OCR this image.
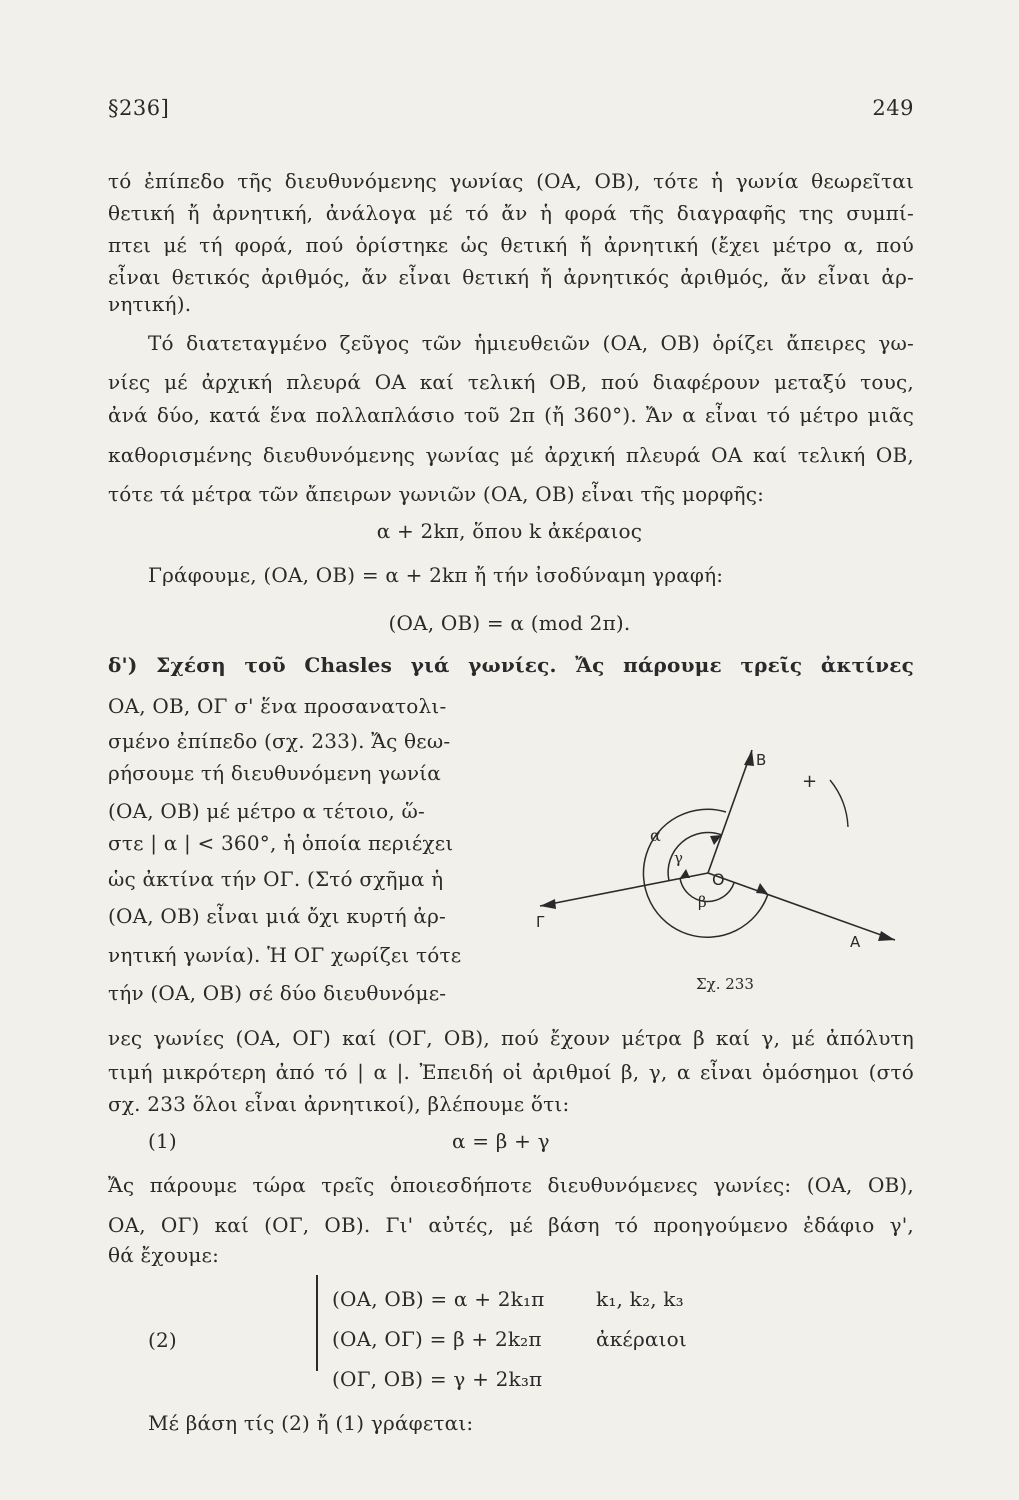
§236]	249
τό ἐπίπεδο τῆς διευθυνόμενης γωνίας (OA, OB), τότε ἡ γωνία θεωρεῖται
θετική ἤ ἀρνητική, ἀνάλογα μέ τό ἄν ἡ φορά τῆς διαγραφῆς της συμπί-
πτει μέ τή φορά, πού ὁρίστηκε ὡς θετική ἤ ἀρνητική (ἔχει μέτρο α, πού
εἶναι θετικός ἀριθμός, ἄν εἶναι θετική ἤ ἀρνητικός ἀριθμός, ἄν εἶναι ἀρ-
νητική).
Τό διατεταγμένο ζεῦγος τῶν ἡμιευθειῶν (OA, OB) ὁρίζει ἄπειρες γω-
νίες μέ ἀρχική πλευρά OA καί τελική OB, πού διαφέρουν μεταξύ τους,
ἀνά δύο, κατά ἕνα πολλαπλάσιο τοῦ 2π (ἤ 360°). Ἄν α εἶναι τό μέτρο μιᾶς
καθορισμένης διευθυνόμενης γωνίας μέ ἀρχική πλευρά OA καί τελική OB,
τότε τά μέτρα τῶν ἄπειρων γωνιῶν (OA, OB) εἶναι τῆς μορφῆς:
α + 2kπ, ὅπου k ἀκέραιος
Γράφουμε, (OA, OB) = α + 2kπ ἤ τήν ἰσοδύναμη γραφή:
(OA, OB) = α (mod 2π).
δ') Σχέση τοῦ Chasles γιά γωνίες. Ἄς πάρουμε τρεῖς ἀκτίνες
OA, OB, OΓ σ' ἕνα προσανατολι-
σμένο ἐπίπεδο (σχ. 233). Ἄς θεω-
ρήσουμε τή διευθυνόμενη γωνία
(OA, OB) μέ μέτρο α τέτοιο, ὥ-
στε | α | < 360°, ἡ ὁποία περιέχει
ὡς ἀκτίνα τήν OΓ. (Στό σχῆμα ἡ
(OA, OB) εἶναι μιά ὄχι κυρτή ἀρ-
νητική γωνία). Ἡ OΓ χωρίζει τότε
τήν (OA, OB) σέ δύο διευθυνόμε-
νες γωνίες (OA, OΓ) καί (OΓ, OB), πού ἔχουν μέτρα β καί γ, μέ ἀπόλυτη
τιμή μικρότερη ἀπό τό | α |. Ἐπειδή οἱ ἀριθμοί β, γ, α εἶναι ὁμόσημοι (στό
σχ. 233 ὅλοι εἶναι ἀρνητικοί), βλέπουμε ὅτι:
(1)	α = β + γ
Ἄς πάρουμε τώρα τρεῖς ὁποιεσδήποτε διευθυνόμενες γωνίες: (OA, OB),
OA, OΓ) καί (OΓ, OB). Γι' αὐτές, μέ βάση τό προηγούμενο ἐδάφιο γ',
θά ἔχουμε:
(2)
(OA, OB) = α + 2k₁π
(OA, OΓ) = β + 2k₂π
(OΓ, OB) = γ + 2k₃π
k₁, k₂, k₃
ἀκέραιοι
Μέ βάση τίς (2) ἤ (1) γράφεται:
+
B
A
O
Γ
α
γ
β
Σχ. 233
